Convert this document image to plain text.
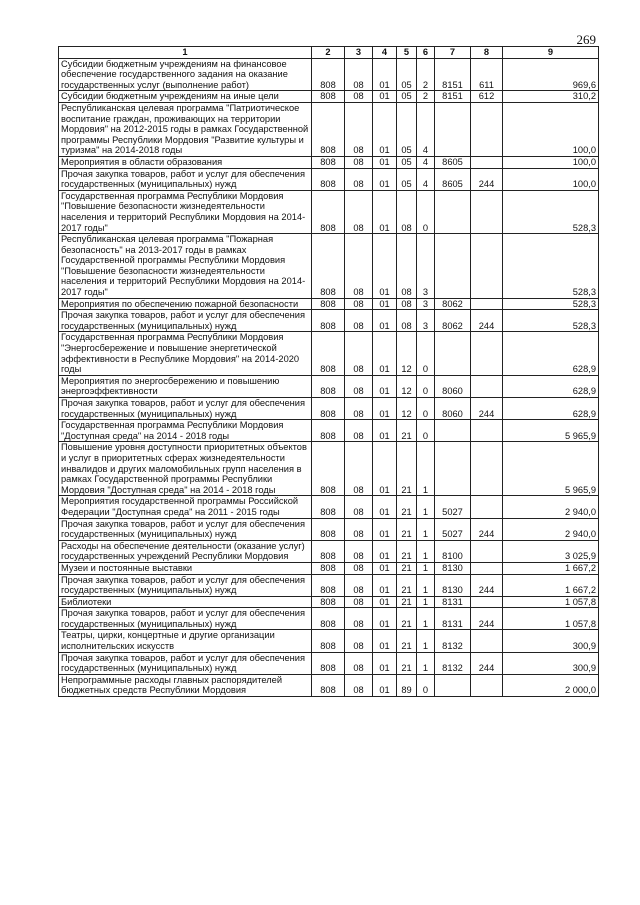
269
1	2	3	4	5	6	7	8	9
Субсидии бюджетным учреждениям на финансовое обеспечение государственного задания на оказание государственных услуг (выполнение работ)	808	08	01	05	2	8151	611	969,6
Субсидии бюджетным учреждениям на иные цели	808	08	01	05	2	8151	612	310,2
Республиканская целевая программа "Патриотическое воспитание граждан, проживающих на территории Мордовия" на 2012-2015 годы в рамках Государственной программы Республики Мордовия "Развитие культуры и туризма" на 2014-2018 годы	808	08	01	05	4			100,0
Мероприятия в области образования	808	08	01	05	4	8605		100,0
Прочая закупка товаров, работ и услуг для обеспечения государственных (муниципальных) нужд	808	08	01	05	4	8605	244	100,0
Государственная программа Республики Мордовия "Повышение безопасности жизнедеятельности населения и территорий Республики Мордовия на 2014-2017 годы"	808	08	01	08	0			528,3
Республиканская целевая программа "Пожарная безопасность" на 2013-2017 годы в рамках Государственной программы Республики Мордовия "Повышение безопасности жизнедеятельности населения и территорий Республики Мордовия на 2014-2017 годы"	808	08	01	08	3			528,3
Мероприятия по обеспечению пожарной безопасности	808	08	01	08	3	8062		528,3
Прочая закупка товаров, работ и услуг для обеспечения государственных (муниципальных) нужд	808	08	01	08	3	8062	244	528,3
Государственная программа Республики Мордовия "Энергосбережение и повышение энергетической эффективности в Республике Мордовия" на 2014-2020 годы	808	08	01	12	0			628,9
Мероприятия по энергосбережению и повышению энергоэффективности	808	08	01	12	0	8060		628,9
Прочая закупка товаров, работ и услуг для обеспечения государственных (муниципальных) нужд	808	08	01	12	0	8060	244	628,9
Государственная программа Республики Мордовия "Доступная среда" на 2014 - 2018 годы	808	08	01	21	0			5 965,9
Повышение уровня доступности приоритетных объектов и услуг в приоритетных сферах жизнедеятельности инвалидов и других маломобильных групп населения в рамках Государственной программы Республики Мордовия "Доступная среда" на 2014 - 2018 годы	808	08	01	21	1			5 965,9
Мероприятия государственной программы Российской Федерации "Доступная среда" на 2011 - 2015 годы	808	08	01	21	1	5027		2 940,0
Прочая закупка товаров, работ и услуг для обеспечения государственных (муниципальных) нужд	808	08	01	21	1	5027	244	2 940,0
Расходы на обеспечение деятельности (оказание услуг) государственных учреждений Республики Мордовия	808	08	01	21	1	8100		3 025,9
Музеи и постоянные выставки	808	08	01	21	1	8130		1 667,2
Прочая закупка товаров, работ и услуг для обеспечения государственных (муниципальных) нужд	808	08	01	21	1	8130	244	1 667,2
Библиотеки	808	08	01	21	1	8131		1 057,8
Прочая закупка товаров, работ и услуг для обеспечения государственных (муниципальных) нужд	808	08	01	21	1	8131	244	1 057,8
Театры, цирки, концертные и другие организации исполнительских искусств	808	08	01	21	1	8132		300,9
Прочая закупка товаров, работ и услуг для обеспечения государственных (муниципальных) нужд	808	08	01	21	1	8132	244	300,9
Непрограммные расходы главных распорядителей бюджетных средств Республики Мордовия	808	08	01	89	0			2 000,0
